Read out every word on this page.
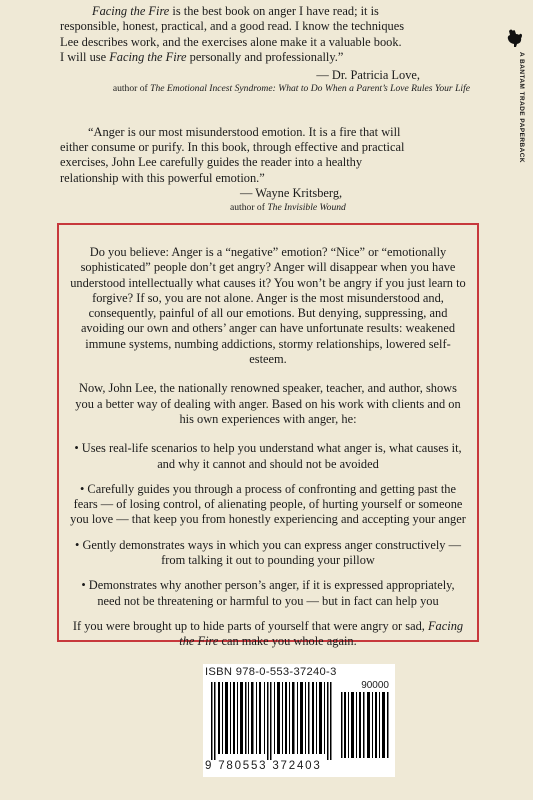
Facing the Fire is the best book on anger I have read; it is

responsible, honest, practical, and a good read. I know the techniques

Lee describes work, and the exercises alone make it a valuable book.

I will use Facing the Fire personally and professionally.”

— Dr. Patricia Love,
author of The Emotional Incest Syndrome: What to Do When a Parent’s Love Rules Your Life

“Anger is our most misunderstood emotion. It is a fire that will

either consume or purify. In this book, through effective and practical

exercises, John Lee carefully guides the reader into a healthy

relationship with this powerful emotion.”

— Wayne Kritsberg,
author of The Invisible Wound
A BANTAM TRADE PAPERBACK

Do you believe: Anger is a “negative” emotion? “Nice” or “emotionally sophisticated” people don’t get angry? Anger will disappear when you have understood intellectually what causes it? You won’t be angry if you just learn to forgive? If so, you are not alone. Anger is the most misunderstood and, consequently, painful of all our emotions. But denying, suppressing, and avoiding our own and others’ anger can have unfortunate results: weakened immune systems, numbing addictions, stormy relationships, lowered self-esteem.

Now, John Lee, the nationally renowned speaker, teacher, and author, shows you a better way of dealing with anger. Based on his work with clients and on his own experiences with anger, he:

• Uses real-life scenarios to help you understand what anger is, what causes it, and why it cannot and should not be avoided
• Carefully guides you through a process of confronting and getting past the fears — of losing control, of alienating people, of hurting yourself or someone you love — that keep you from honestly experiencing and accepting your anger
• Gently demonstrates ways in which you can express anger constructively — from talking it out to pounding your pillow
• Demonstrates why another person’s anger, if it is expressed appropriately, need not be threatening or harmful to you — but in fact can help you

If you were brought up to hide parts of yourself that were angry or sad, Facing the Fire can make you whole again.

ISBN 978-0-553-37240-3
90000
9 780553 372403
